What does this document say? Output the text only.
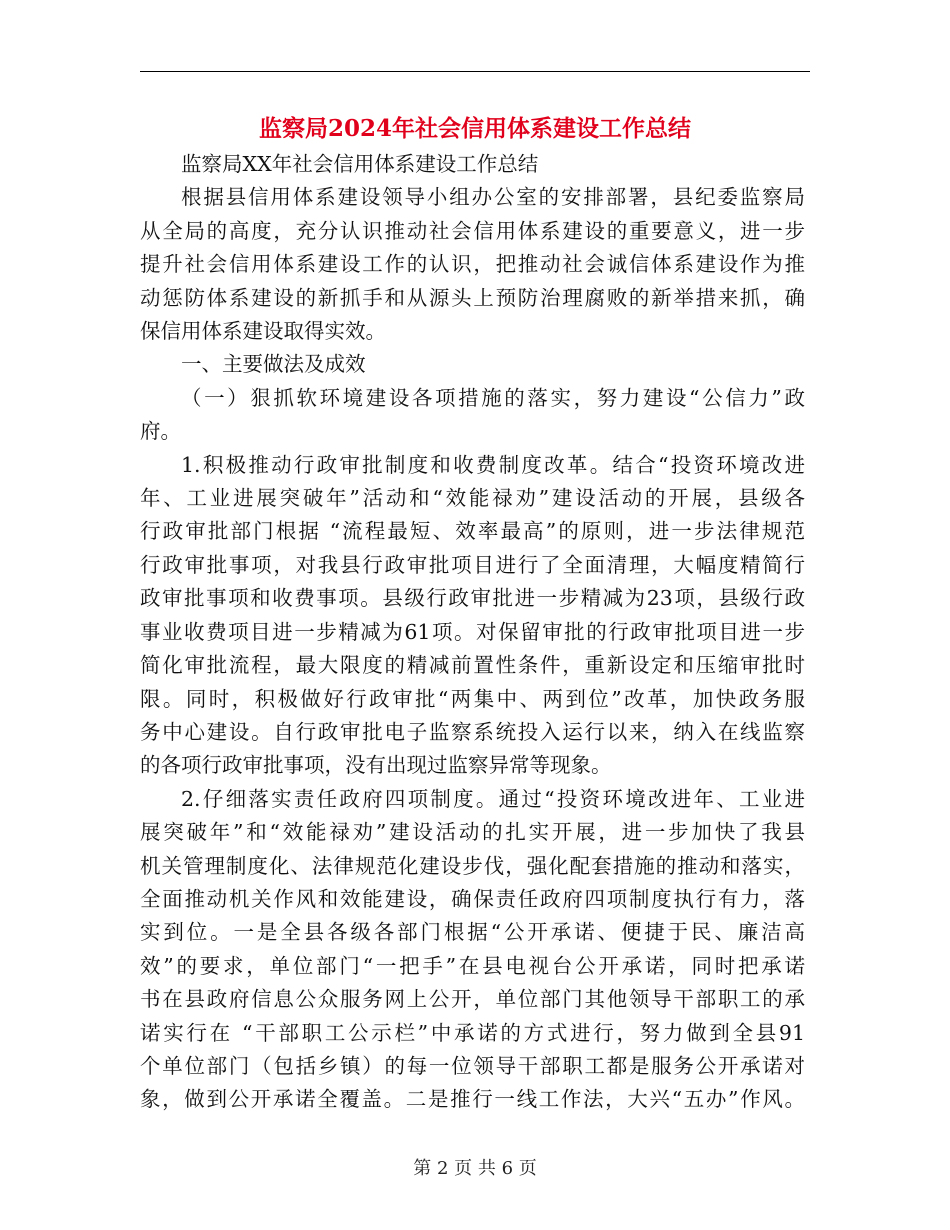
监察局2024年社会信用体系建设工作总结
监察局XX年社会信用体系建设工作总结
根据县信用体系建设领导小组办公室的安排部署，县纪委监察局
从全局的高度，充分认识推动社会信用体系建设的重要意义，进一步
提升社会信用体系建设工作的认识，把推动社会诚信体系建设作为推
动惩防体系建设的新抓手和从源头上预防治理腐败的新举措来抓，确
保信用体系建设取得实效。
一、主要做法及成效
（一）狠抓软环境建设各项措施的落实，努力建设“公信力”政
府。
1.积极推动行政审批制度和收费制度改革。结合“投资环境改进
年、工业进展突破年”活动和“效能禄劝”建设活动的开展，县级各
行政审批部门根据 “流程最短、效率最高”的原则，进一步法律规范
行政审批事项，对我县行政审批项目进行了全面清理，大幅度精简行
政审批事项和收费事项。县级行政审批进一步精减为23项，县级行政
事业收费项目进一步精减为61项。对保留审批的行政审批项目进一步
简化审批流程，最大限度的精减前置性条件，重新设定和压缩审批时
限。同时，积极做好行政审批“两集中、两到位”改革，加快政务服
务中心建设。自行政审批电子监察系统投入运行以来，纳入在线监察
的各项行政审批事项，没有出现过监察异常等现象。
2.仔细落实责任政府四项制度。通过“投资环境改进年、工业进
展突破年”和“效能禄劝”建设活动的扎实开展，进一步加快了我县
机关管理制度化、法律规范化建设步伐，强化配套措施的推动和落实，
全面推动机关作风和效能建设，确保责任政府四项制度执行有力，落
实到位。一是全县各级各部门根据“公开承诺、便捷于民、廉洁高
效”的要求，单位部门“一把手”在县电视台公开承诺，同时把承诺
书在县政府信息公众服务网上公开，单位部门其他领导干部职工的承
诺实行在 “干部职工公示栏”中承诺的方式进行，努力做到全县91
个单位部门（包括乡镇）的每一位领导干部职工都是服务公开承诺对
象，做到公开承诺全覆盖。二是推行一线工作法，大兴“五办”作风。
第 2 页 共 6 页
